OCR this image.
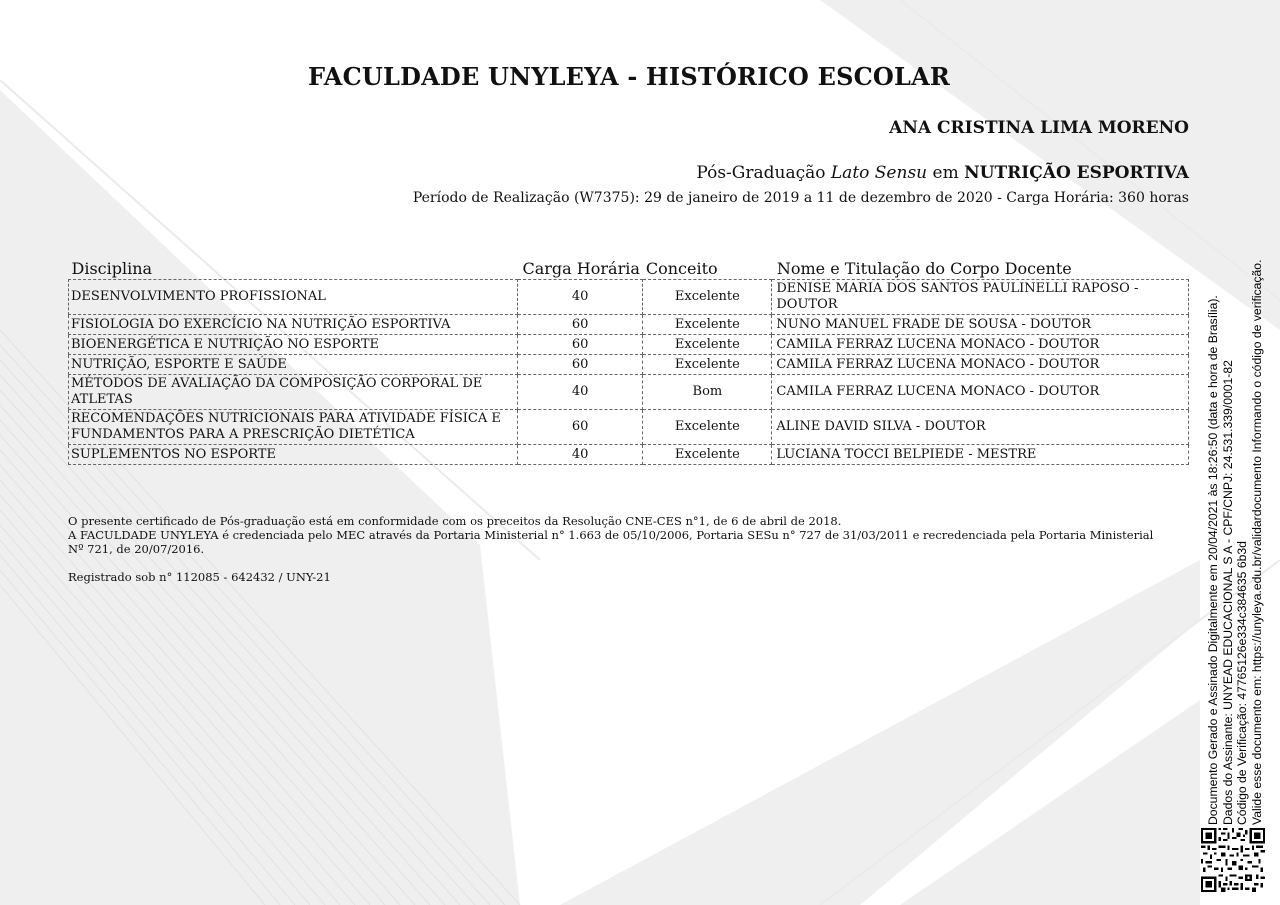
FACULDADE UNYLEYA - HISTÓRICO ESCOLAR
ANA CRISTINA LIMA MORENO
Pós-Graduação Lato Sensu em NUTRIÇÃO ESPORTIVA
Período de Realização (W7375): 29 de janeiro de 2019 a 11 de dezembro de 2020 - Carga Horária: 360 horas
Disciplina	Carga Horária	Conceito	Nome e Titulação do Corpo Docente
DESENVOLVIMENTO PROFISSIONAL	40	Excelente	DENISE MARIA DOS SANTOS PAULINELLI RAPOSO - DOUTOR
FISIOLOGIA DO EXERCÍCIO NA NUTRIÇÃO ESPORTIVA	60	Excelente	NUNO MANUEL FRADE DE SOUSA - DOUTOR
BIOENERGÉTICA E NUTRIÇÃO NO ESPORTE	60	Excelente	CAMILA FERRAZ LUCENA MONACO - DOUTOR
NUTRIÇÃO, ESPORTE E SAÚDE	60	Excelente	CAMILA FERRAZ LUCENA MONACO - DOUTOR
MÉTODOS DE AVALIAÇÃO DA COMPOSIÇÃO CORPORAL DE ATLETAS	40	Bom	CAMILA FERRAZ LUCENA MONACO - DOUTOR
RECOMENDAÇÕES NUTRICIONAIS PARA ATIVIDADE FÍSICA E FUNDAMENTOS PARA A PRESCRIÇÃO DIETÉTICA	60	Excelente	ALINE DAVID SILVA - DOUTOR
SUPLEMENTOS NO ESPORTE	40	Excelente	LUCIANA TOCCI BELPIEDE - MESTRE

O presente certificado de Pós-graduação está em conformidade com os preceitos da Resolução CNE-CES n°1, de 6 de abril de 2018.

A FACULDADE UNYLEYA é credenciada pelo MEC através da Portaria Ministerial n° 1.663 de 05/10/2006, Portaria SESu n° 727 de 31/03/2011 e recredenciada pela Portaria Ministerial Nº 721, de 20/07/2016.

Registrado sob n° 112085 - 642432 / UNY-21	Documento Gerado e Assinado Digitalmente em 20/04/2021 às 18:26:50 (data e hora de Brasília). Dados do Assinante: UNYEAD EDUCACIONAL S A - CPF/CNPJ: 24.531.339/0001-82 Código de Verificação: 47765126e334c384635 6b3d Valide esse documento em: https://unyleya.edu.br/validardocumento Informando o código de verificação.
